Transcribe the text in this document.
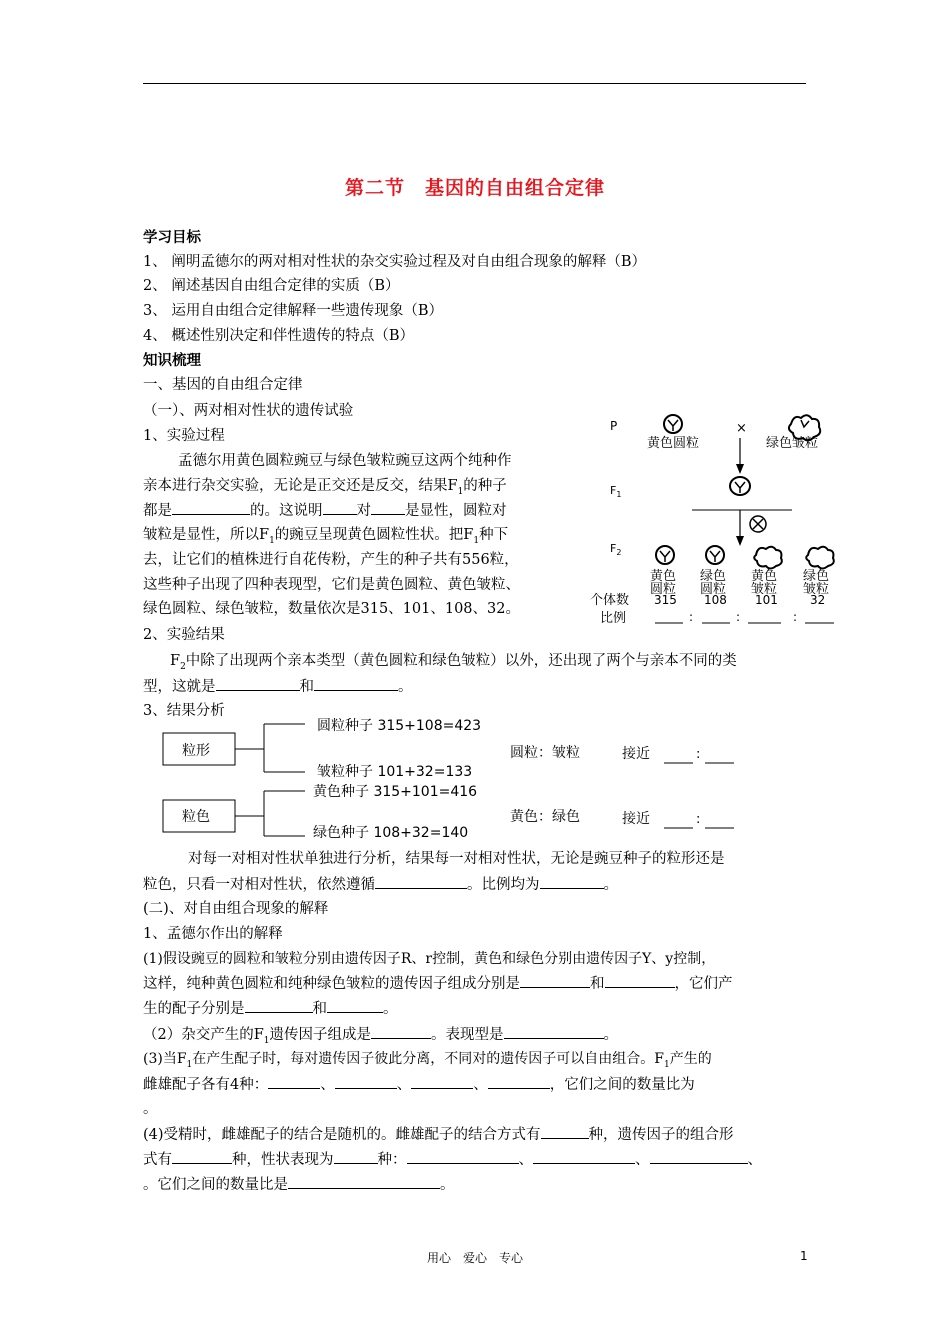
第二节　基因的自由组合定律
学习目标
1、 阐明孟德尔的两对相对性状的杂交实验过程及对自由组合现象的解释（B）
2、 阐述基因自由组合定律的实质（B）
3、 运用自由组合定律解释一些遗传现象（B）
4、 概述性别决定和伴性遗传的特点（B）
知识梳理
一、基因的自由组合定律
（一）、两对相对性状的遗传试验
1、实验过程
孟德尔用黄色圆粒豌豆与绿色皱粒豌豆这两个纯种作
亲本进行杂交实验，无论是正交还是反交，结果$F_1$的种子
都是	的。这说明 对 是显性，圆粒对
皱粒是显性，所以$F_1$的豌豆呈现黄色圆粒性状。把$F_1$种下
去，让它们的植株进行自花传粉，产生的种子共有556粒，
这些种子出现了四种表现型，它们是黄色圆粒、黄色皱粒、
绿色圆粒、绿色皱粒，数量依次是315、101、108、32。
P
黄色圆粒
×
绿色皱粒
$F_1$
$F_2$
黄色
圆粒
绿色
圆粒
黄色
皱粒
绿色
皱粒
个体数 315 108 101	32
比例	:	:	:
2、实验结果
$F_2$中除了出现两个亲本类型（黄色圆粒和绿色皱粒）以外，还出现了两个与亲本不同的类
型，这就是	和	。
3、结果分析
粒形
圆粒种子 315+108=423
皱粒种子 101+32=133
圆粒：皱粒	接近	:
粒色
黄色种子 315+101=416
绿色种子 108+32=140
黄色：绿色	接近	:
对每一对相对性状单独进行分析，结果每一对相对性状，无论是豌豆种子的粒形还是
粒色，只看一对相对性状，依然遵循	。比例均为	。
(二)、对自由组合现象的解释
1、孟德尔作出的解释
(1)假设豌豆的圆粒和皱粒分别由遗传因子R、r控制，黄色和绿色分别由遗传因子Y、y控制，
这样，纯种黄色圆粒和纯种绿色皱粒的遗传因子组成分别是	和	，它们产
生的配子分别是	和	。
（2）杂交产生的$F_1$遗传因子组成是	。表现型是	。
(3)当$F_1$在产生配子时，每对遗传因子彼此分离，不同对的遗传因子可以自由组合。$F_1$产生的
雌雄配子各有4种：	、	、	、	，它们之间的数量比为
。
(4)受精时，雌雄配子的结合是随机的。雌雄配子的结合方式有	种，遗传因子的组合形
式有	种，性状表现为	种：	、	、	、
。它们之间的数量比是	。
用心　爱心　专心	1
